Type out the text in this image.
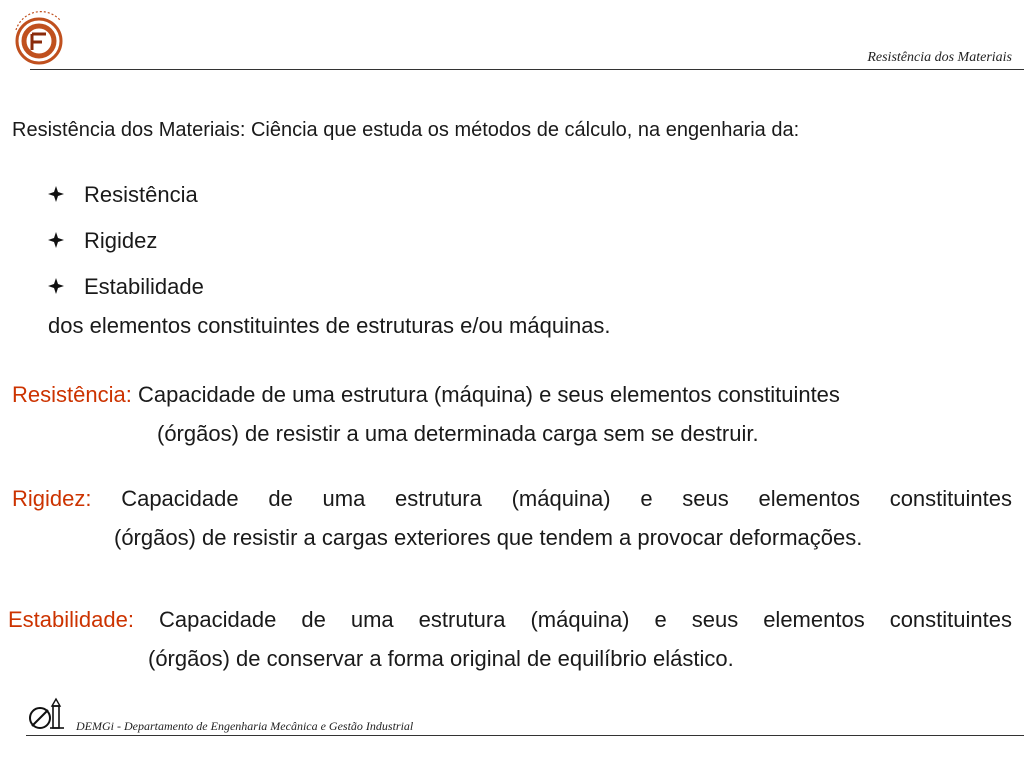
Resistência dos Materiais
Resistência dos Materiais: Ciência que estuda os métodos de cálculo, na engenharia da:
Resistência
Rigidez
Estabilidade
dos elementos constituintes de estruturas e/ou máquinas.
Resistência: Capacidade de uma estrutura (máquina) e seus elementos constituintes
(órgãos) de resistir a uma determinada carga sem se destruir.
Rigidez: Capacidade de uma estrutura (máquina) e seus elementos constituintes
(órgãos) de resistir a cargas exteriores que tendem a provocar deformações.
Estabilidade: Capacidade de uma estrutura (máquina) e seus elementos constituintes
(órgãos) de conservar a forma original de equilíbrio elástico.
DEMGi - Departamento de Engenharia Mecânica e Gestão Industrial
